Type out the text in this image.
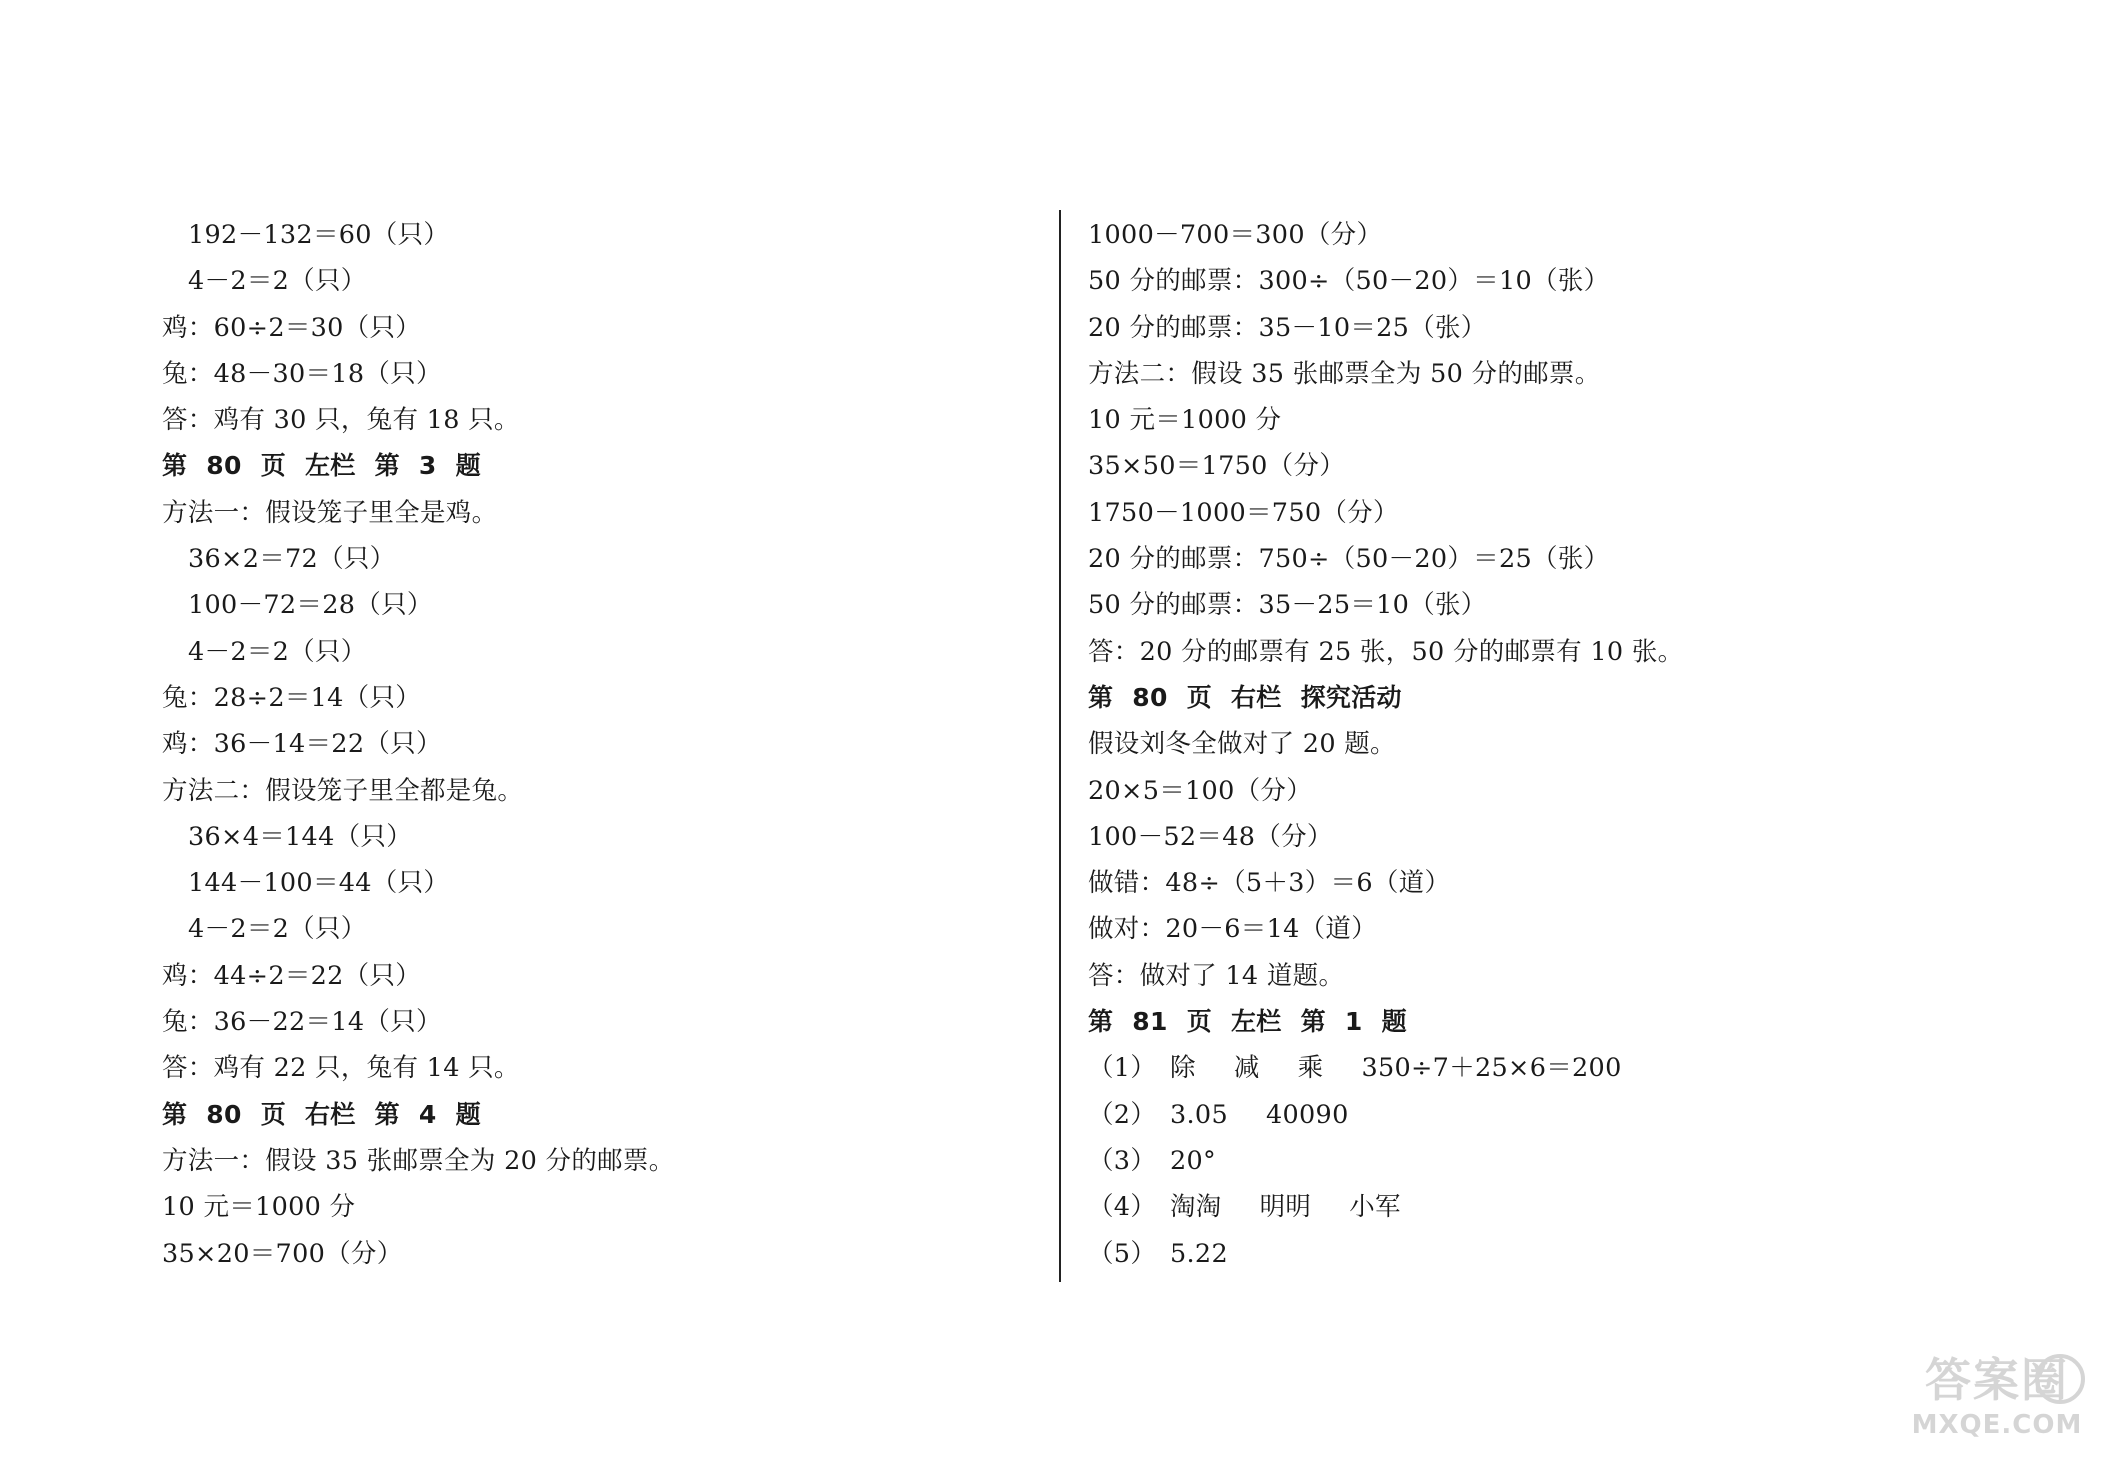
192－132＝60（只）
4－2＝2（只）
鸡：60÷2＝30（只）
兔：48－30＝18（只）
答：鸡有 30 只，兔有 18 只。
第 80 页 左栏 第 3 题
方法一：假设笼子里全是鸡。
36×2＝72（只）
100－72＝28（只）
4－2＝2（只）
兔：28÷2＝14（只）
鸡：36－14＝22（只）
方法二：假设笼子里全都是兔。
36×4＝144（只）
144－100＝44（只）
4－2＝2（只）
鸡：44÷2＝22（只）
兔：36－22＝14（只）
答：鸡有 22 只，兔有 14 只。
第 80 页 右栏 第 4 题
方法一：假设 35 张邮票全为 20 分的邮票。
10 元＝1000 分
35×20＝700（分）
1000－700＝300（分）
50 分的邮票：300÷（50－20）＝10（张）
20 分的邮票：35－10＝25（张）
方法二：假设 35 张邮票全为 50 分的邮票。
10 元＝1000 分
35×50＝1750（分）
1750－1000＝750（分）
20 分的邮票：750÷（50－20）＝25（张）
50 分的邮票：35－25＝10（张）
答：20 分的邮票有 25 张，50 分的邮票有 10 张。
第 80 页 右栏 探究活动
假设刘冬全做对了 20 题。
20×5＝100（分）
100－52＝48（分）
做错：48÷（5＋3）＝6（道）
做对：20－6＝14（道）
答：做对了 14 道题。
第 81 页 左栏 第 1 题
（1） 除 减 乘 350÷7＋25×6＝200
（2） 3.05 40090
（3） 20°
（4） 淘淘 明明 小军
（5） 5.22
答案圈
MXQE.COM
